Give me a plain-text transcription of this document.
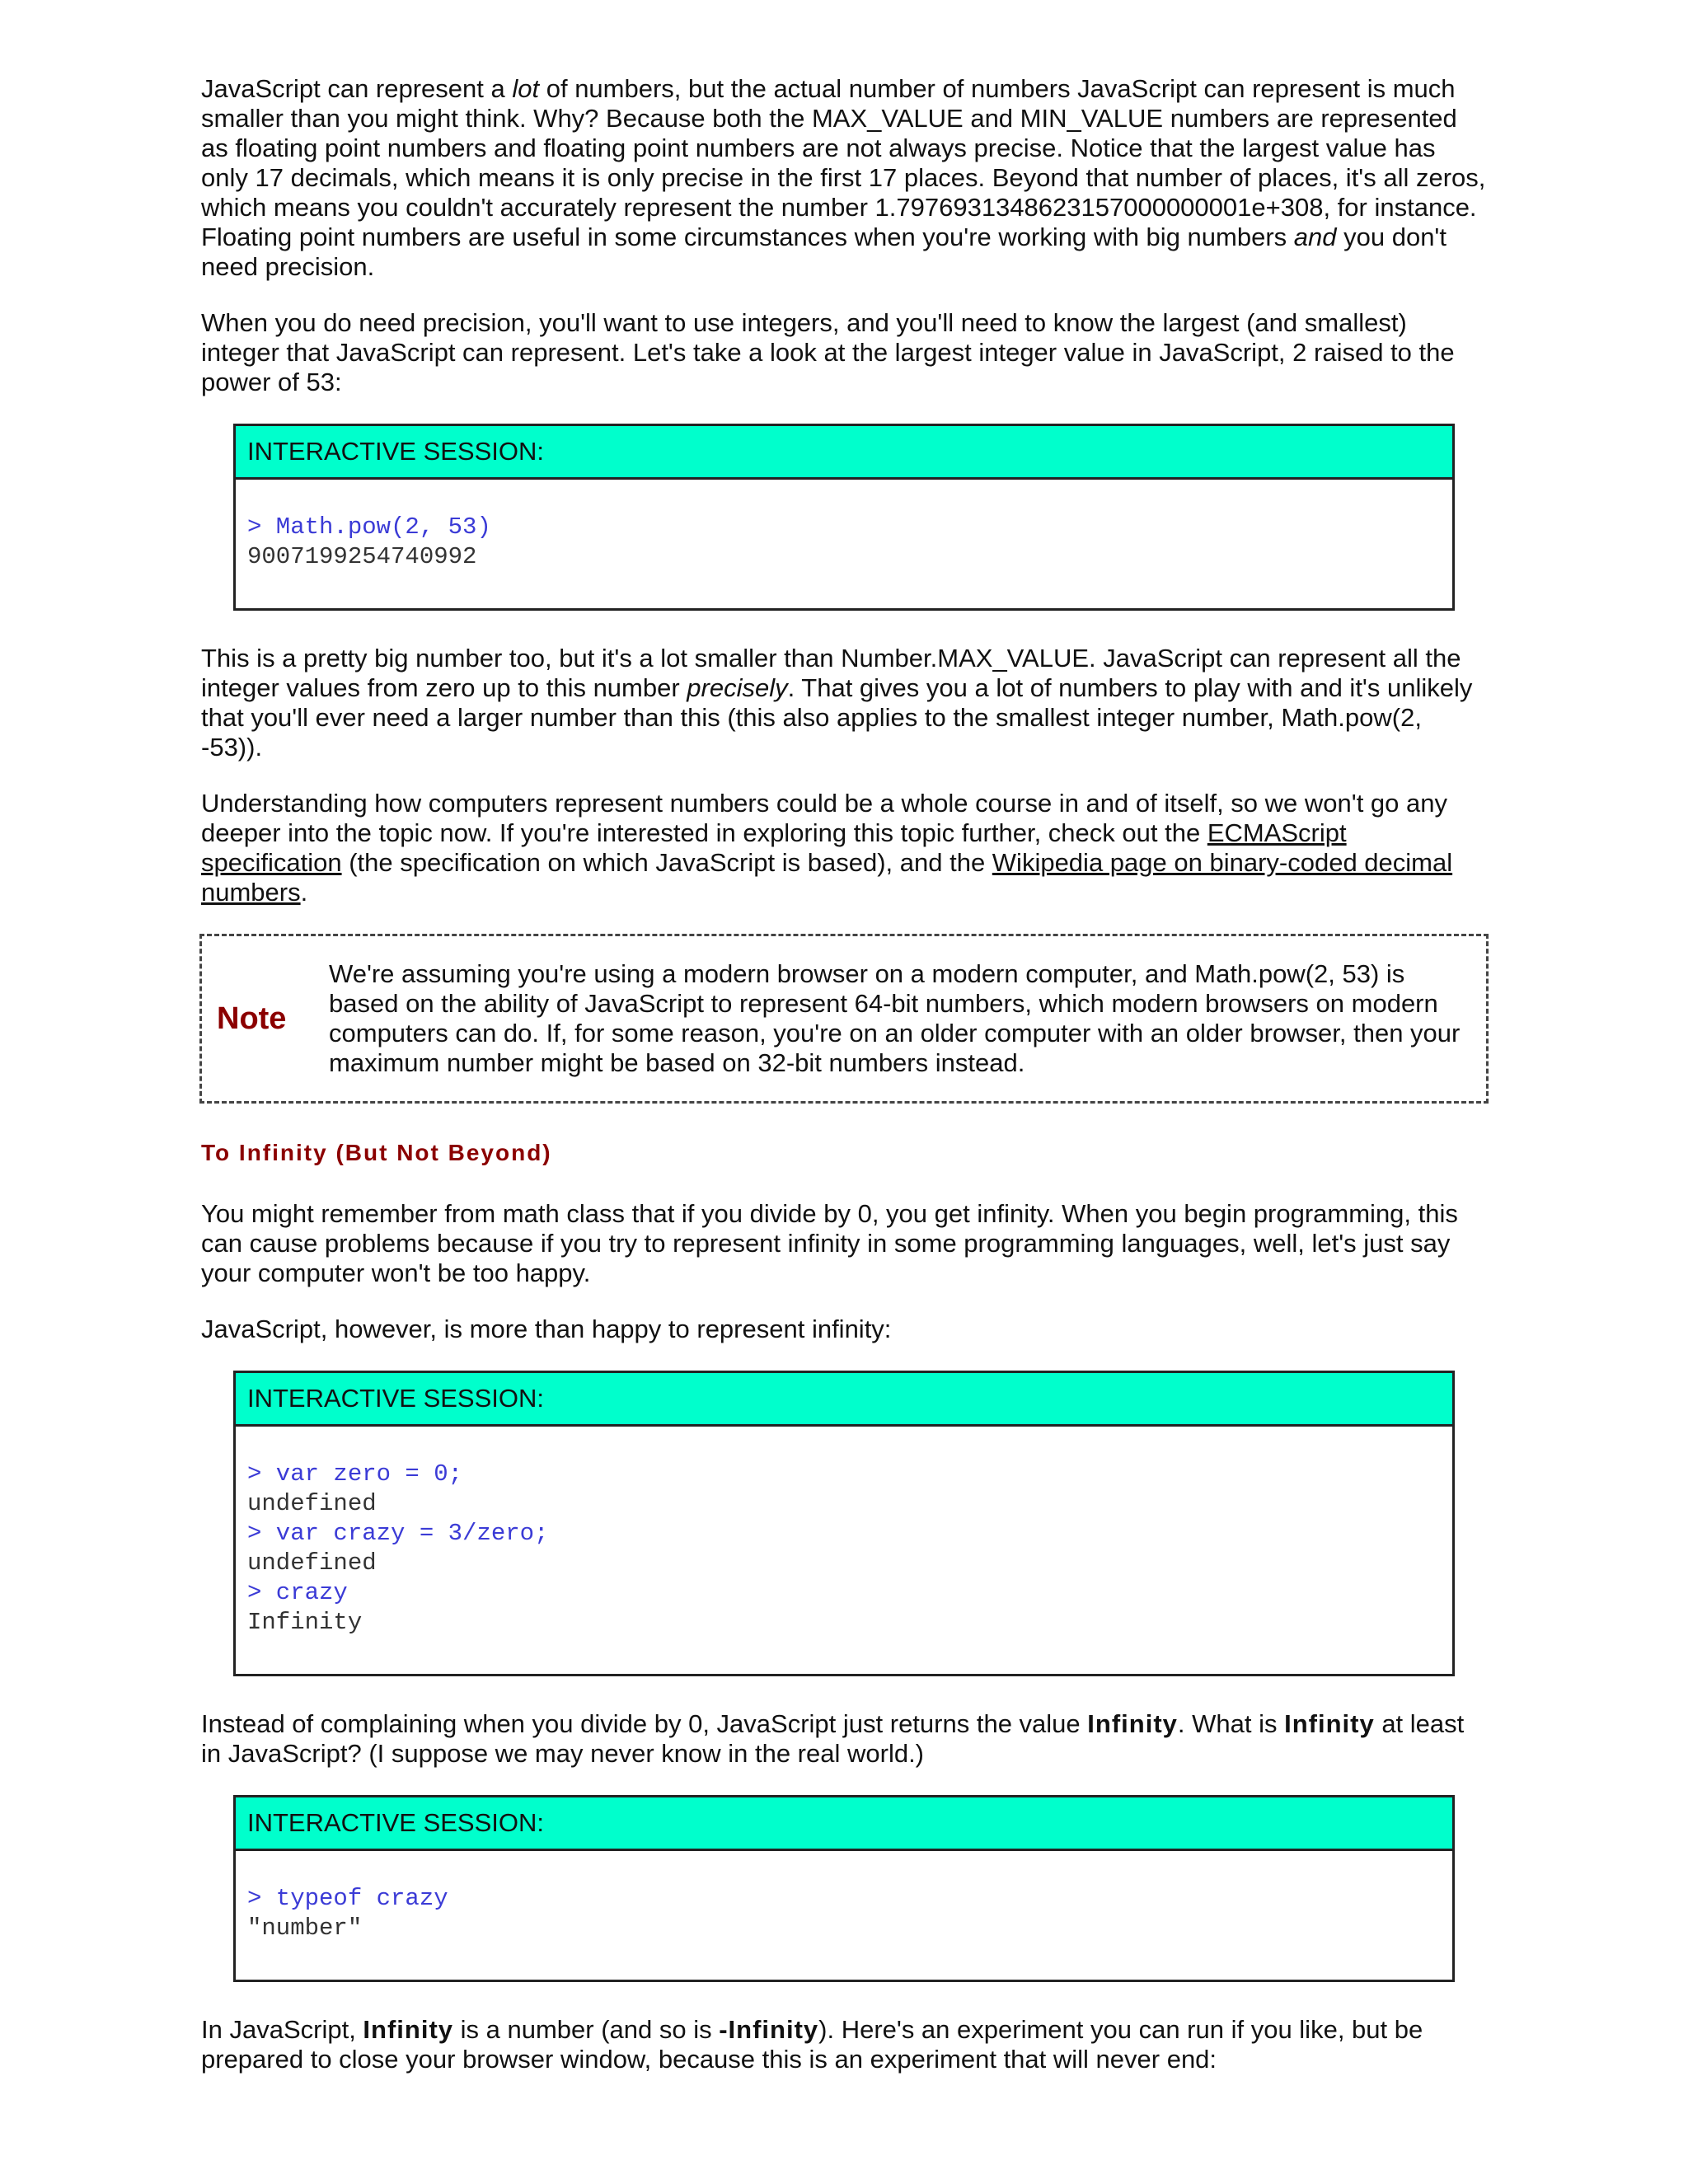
JavaScript can represent a lot of numbers, but the actual number of numbers JavaScript can represent is much smaller than you might think. Why? Because both the MAX_VALUE and MIN_VALUE numbers are represented as floating point numbers and floating point numbers are not always precise. Notice that the largest value has only 17 decimals, which means it is only precise in the first 17 places. Beyond that number of places, it's all zeros, which means you couldn't accurately represent the number 1.7976931348623157000000001e+308, for instance. Floating point numbers are useful in some circumstances when you're working with big numbers and you don't need precision.

When you do need precision, you'll want to use integers, and you'll need to know the largest (and smallest) integer that JavaScript can represent. Let's take a look at the largest integer value in JavaScript, 2 raised to the power of 53:

INTERACTIVE SESSION:
> Math.pow(2, 53)
9007199254740992

This is a pretty big number too, but it's a lot smaller than Number.MAX_VALUE. JavaScript can represent all the integer values from zero up to this number precisely. That gives you a lot of numbers to play with and it's unlikely that you'll ever need a larger number than this (this also applies to the smallest integer number, Math.pow(2, -53)).

Understanding how computers represent numbers could be a whole course in and of itself, so we won't go any deeper into the topic now. If you're interested in exploring this topic further, check out the ECMAScript specification (the specification on which JavaScript is based), and the Wikipedia page on binary-coded decimal numbers.

Note
We're assuming you're using a modern browser on a modern computer, and Math.pow(2, 53) is based on the ability of JavaScript to represent 64-bit numbers, which modern browsers on modern computers can do. If, for some reason, you're on an older computer with an older browser, then your maximum number might be based on 32-bit numbers instead.
To Infinity (But Not Beyond)

You might remember from math class that if you divide by 0, you get infinity. When you begin programming, this can cause problems because if you try to represent infinity in some programming languages, well, let's just say your computer won't be too happy.

JavaScript, however, is more than happy to represent infinity:

INTERACTIVE SESSION:
> var zero = 0;
undefined
> var crazy = 3/zero;
undefined
> crazy
Infinity

Instead of complaining when you divide by 0, JavaScript just returns the value Infinity. What is Infinity at least in JavaScript? (I suppose we may never know in the real world.)

INTERACTIVE SESSION:
> typeof crazy
"number"

In JavaScript, Infinity is a number (and so is -Infinity). Here's an experiment you can run if you like, but be prepared to close your browser window, because this is an experiment that will never end:
